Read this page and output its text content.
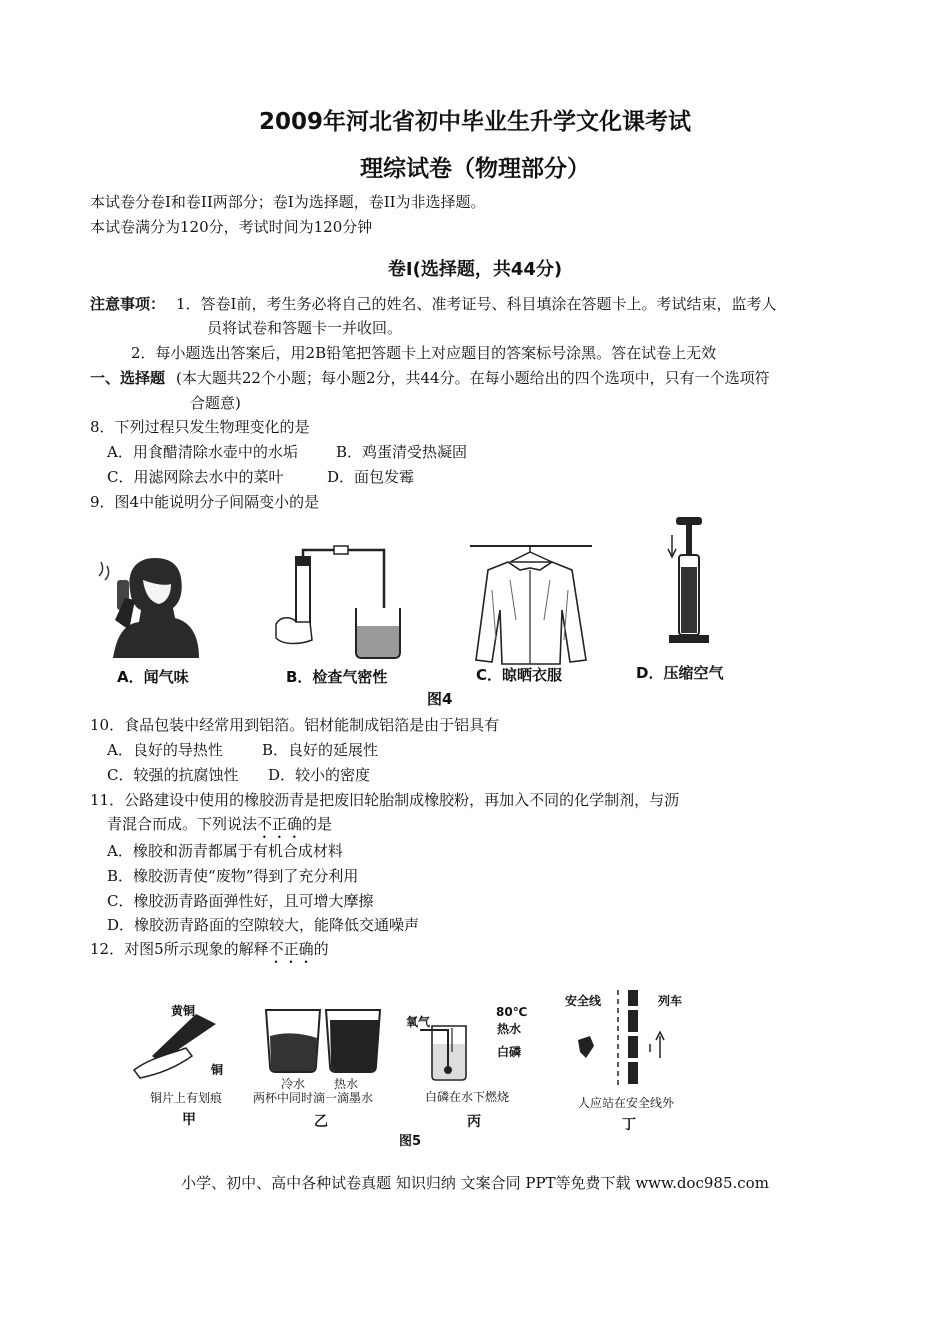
2009年河北省初中毕业生升学文化课考试
理综试卷（物理部分）
本试卷分卷I和卷II两部分；卷I为选择题，卷II为非选择题。
本试卷满分为120分，考试时间为120分钟
卷I(选择题，共44分)
注意事项： 1．答卷I前，考生务必将自己的姓名、准考证号、科目填涂在答题卡上。考试结束，监考人
员将试卷和答题卡一并收回。
2．每小题选出答案后，用2B铅笔把答题卡上对应题目的答案标号涂黑。答在试卷上无效
一、选择题 (本大题共22个小题；每小题2分，共44分。在每小题给出的四个选项中，只有一个选项符
合题意)
8．下列过程只发生物理变化的是
A．用食醋清除水壶中的水垢	B．鸡蛋清受热凝固
C．用滤网除去水中的菜叶	D．面包发霉
9．图4中能说明分子间隔变小的是
A．闻气味	B．检查气密性	C．晾晒衣服	D．压缩空气
图4
10．食品包装中经常用到铝箔。铝材能制成铝箔是由于铝具有
A．良好的导热性	B．良好的延展性
C．较强的抗腐蚀性 D．较小的密度
11．公路建设中使用的橡胶沥青是把废旧轮胎制成橡胶粉，再加入不同的化学制剂，与沥
青混合而成。下列说法不正确的是
A．橡胶和沥青都属于有机合成材料
B．橡胶沥青使“废物”得到了充分利用
C．橡胶沥青路面弹性好，且可增大摩擦
D．橡胶沥青路面的空隙较大，能降低交通噪声
12．对图5所示现象的解释不正确的
黄铜
铜
铜片上有划痕
甲
冷水 热水
两杯中同时滴一滴墨水
乙
氧气
80℃
热水
白磷
白磷在水下燃烧
丙
安全线	列车
人应站在安全线外
丁
图5
小学、初中、高中各种试卷真题 知识归纳 文案合同 PPT等免费下载 www.doc985.com
